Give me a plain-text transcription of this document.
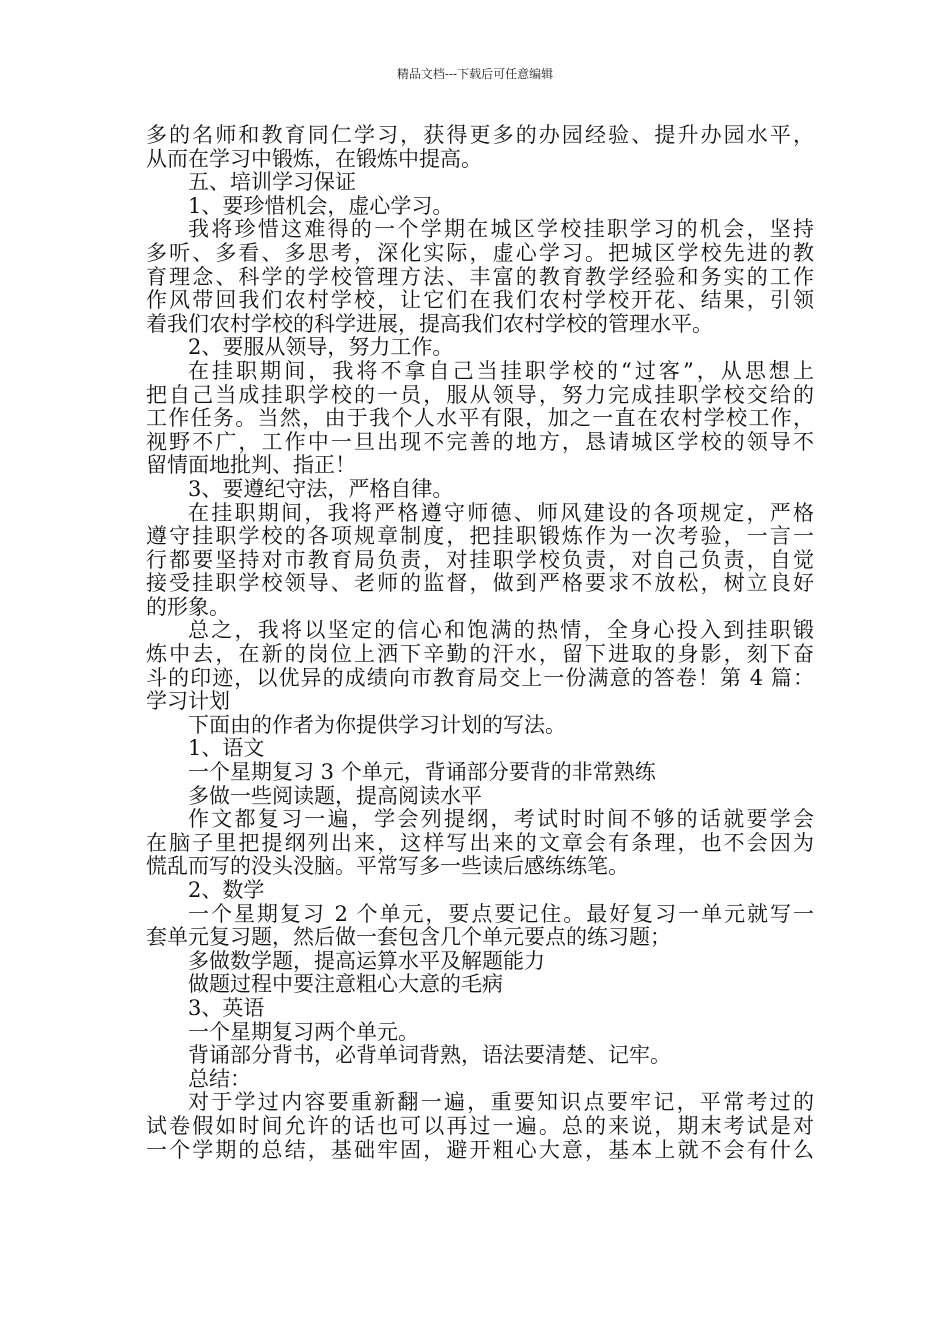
精品文档---下载后可任意编辑
多的名师和教育同仁学习，获得更多的办园经验、提升办园水平，
从而在学习中锻炼，在锻炼中提高。
五、培训学习保证
1、要珍惜机会，虚心学习。
我将珍惜这难得的一个学期在城区学校挂职学习的机会，坚持
多听、多看、多思考，深化实际，虚心学习。把城区学校先进的教
育理念、科学的学校管理方法、丰富的教育教学经验和务实的工作
作风带回我们农村学校，让它们在我们农村学校开花、结果，引领
着我们农村学校的科学进展，提高我们农村学校的管理水平。
2、要服从领导，努力工作。
在挂职期间，我将不拿自己当挂职学校的“过客”，从思想上
把自己当成挂职学校的一员，服从领导，努力完成挂职学校交给的
工作任务。当然，由于我个人水平有限，加之一直在农村学校工作，
视野不广，工作中一旦出现不完善的地方，恳请城区学校的领导不
留情面地批判、指正！
3、要遵纪守法，严格自律。
在挂职期间，我将严格遵守师德、师风建设的各项规定，严格
遵守挂职学校的各项规章制度，把挂职锻炼作为一次考验，一言一
行都要坚持对市教育局负责，对挂职学校负责，对自己负责，自觉
接受挂职学校领导、老师的监督，做到严格要求不放松，树立良好
的形象。
总之，我将以坚定的信心和饱满的热情，全身心投入到挂职锻
炼中去，在新的岗位上洒下辛勤的汗水，留下进取的身影，刻下奋
斗的印迹，以优异的成绩向市教育局交上一份满意的答卷！第 4 篇：
学习计划
下面由的作者为你提供学习计划的写法。
1、语文
一个星期复习 3 个单元，背诵部分要背的非常熟练
多做一些阅读题，提高阅读水平
作文都复习一遍，学会列提纲，考试时时间不够的话就要学会
在脑子里把提纲列出来，这样写出来的文章会有条理，也不会因为
慌乱而写的没头没脑。平常写多一些读后感练练笔。
2、数学
一个星期复习 2 个单元，要点要记住。最好复习一单元就写一
套单元复习题，然后做一套包含几个单元要点的练习题；
多做数学题，提高运算水平及解题能力
做题过程中要注意粗心大意的毛病
3、英语
一个星期复习两个单元。
背诵部分背书，必背单词背熟，语法要清楚、记牢。
总结：
对于学过内容要重新翻一遍，重要知识点要牢记，平常考过的
试卷假如时间允许的话也可以再过一遍。总的来说，期末考试是对
一个学期的总结，基础牢固，避开粗心大意，基本上就不会有什么
